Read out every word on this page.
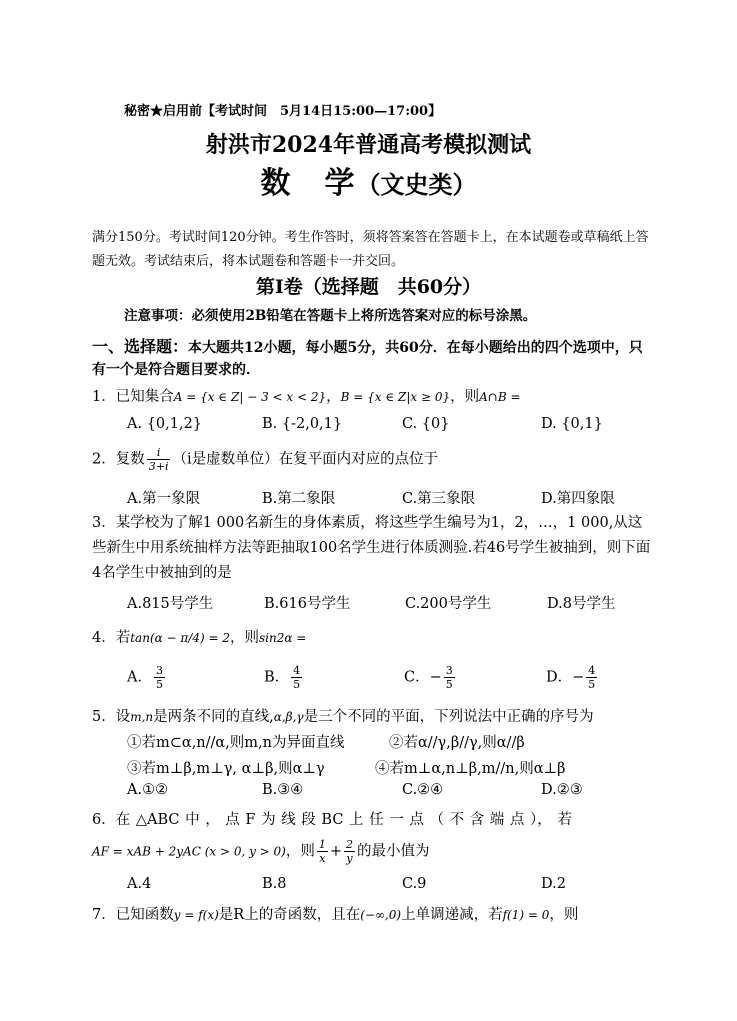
秘密★启用前【考试时间　5月14日15:00—17:00】
射洪市2024年普通高考模拟测试
数　学（文史类）
满分150分。考试时间120分钟。考生作答时，须将答案答在答题卡上，在本试题卷或草稿纸上答题无效。考试结束后，将本试题卷和答题卡一并交回。
第Ⅰ卷（选择题　共60分）
注意事项：必须使用2B铅笔在答题卡上将所选答案对应的标号涂黑。
一、选择题：本大题共12小题，每小题5分，共60分．在每小题给出的四个选项中，只有一个是符合题目要求的．
1．已知集合A = {x ∈ Z| − 3 < x < 2}，B = {x ∈ Z|x ≥ 0}，则A∩B =
A. {0,1,2}	B. {-2,0,1}	C. {0}	D. {0,1}
2．复数 $\frac{i}{3+i} (i$是虚数单位）在复平面内对应的点位于
A.第一象限	B.第二象限	C.第三象限	D.第四象限
3．某学校为了解1 000名新生的身体素质，将这些学生编号为1，2，…，1 000,从这些新生中用系统抽样方法等距抽取100名学生进行体质测验.若46号学生被抽到，则下面4名学生中被抽到的是
A.815号学生	B.616号学生	C.200号学生	D.8号学生
4．若tan(α − π/4) = 2，则sin2α =
A． $\frac{3}{5}$	B． $\frac{4}{5}$	C．− $\frac{3}{5}$	D．− $\frac{4}{5}$
5．设m,n是两条不同的直线,α,β,γ是三个不同的平面，下列说法中正确的序号为
①若m⊂α,n//α,则m,n为异面直线	②若α//γ,β//γ,则α//β
③若m⊥β,m⊥γ, α⊥β,则α⊥γ	④若m⊥α,n⊥β,m//n,则α⊥β
A.①②	B.③④	C.②④	D.②③
6．在 △ABC 中 ， 点 F 为 线 段 BC 上 任 一 点 （ 不 含 端 点 ）， 若
AF = xAB + 2yAC (x > 0, y > 0)，则 $\frac{1}{x} + \frac{2}{y}$ 的最小值为
A.4	B.8	C.9	D.2
7．已知函数y = f(x)是R上的奇函数，且在(−∞,0)上单调递减，若f(1) = 0，则
